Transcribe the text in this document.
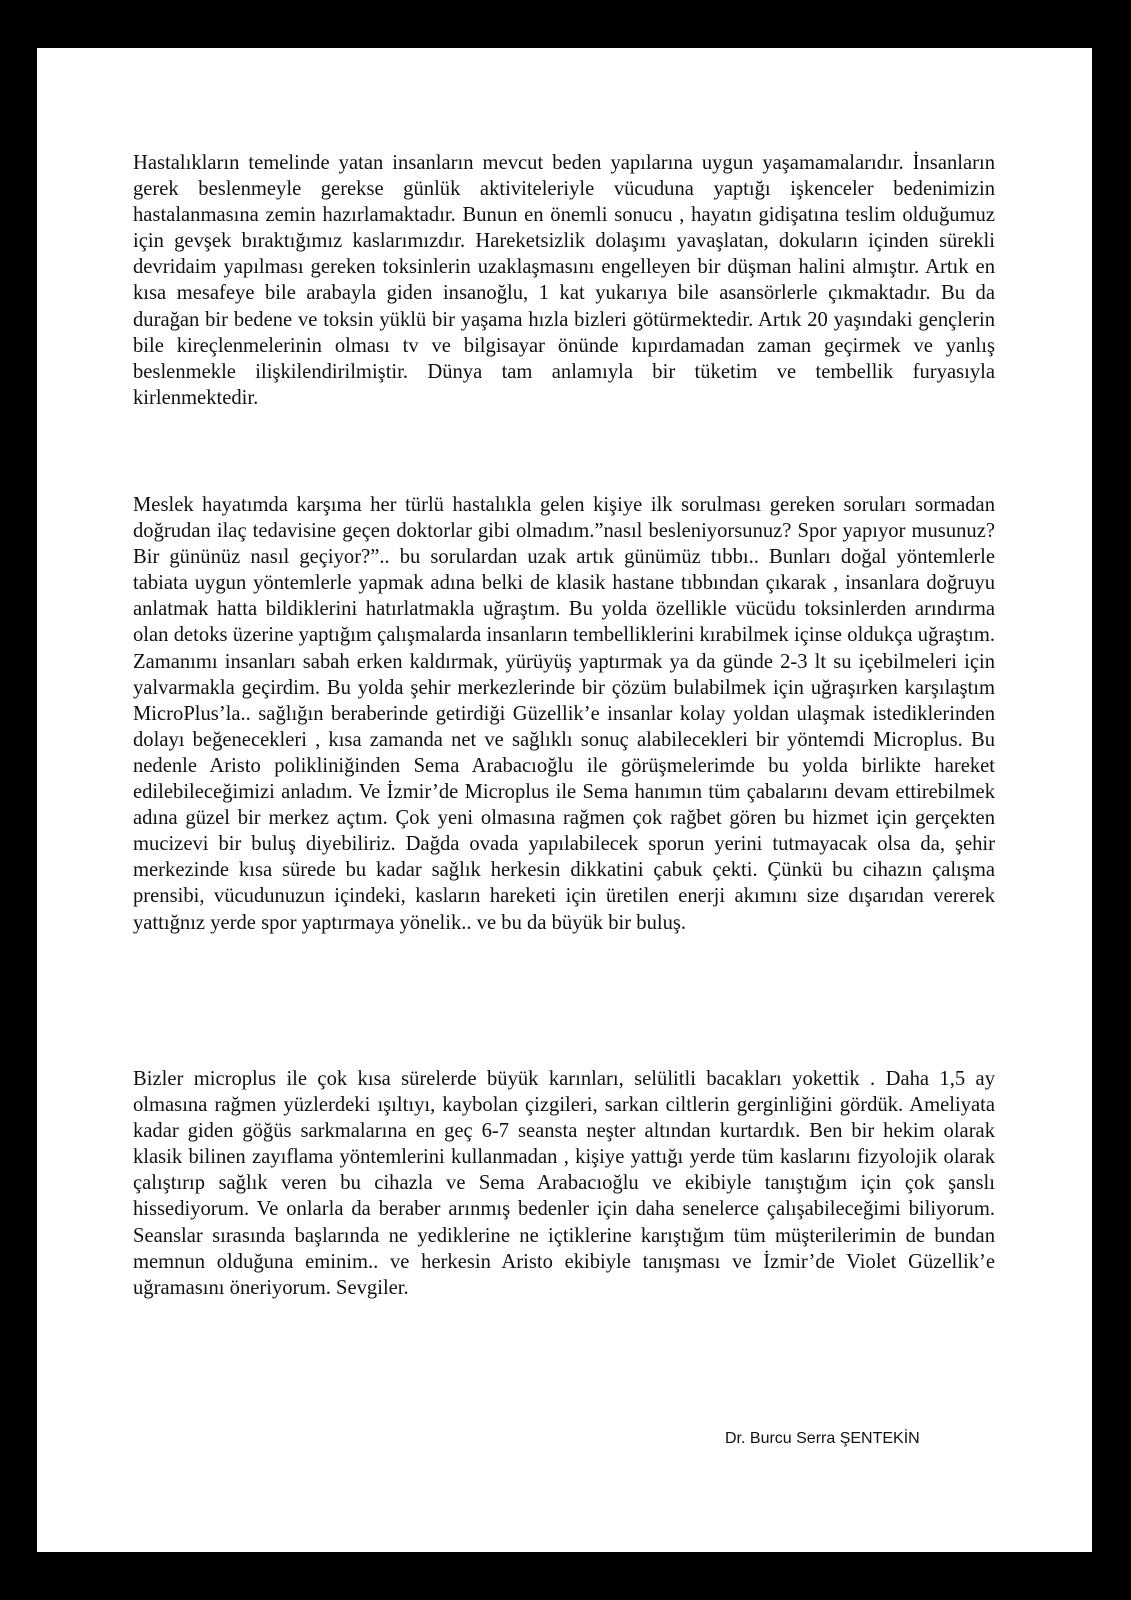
Hastalıkların temelinde yatan insanların mevcut beden yapılarına uygun yaşamamalarıdır. İnsanların gerek beslenmeyle gerekse günlük aktiviteleriyle vücuduna yaptığı işkenceler bedenimizin hastalanmasına zemin hazırlamaktadır. Bunun en önemli sonucu , hayatın gidişatına teslim olduğumuz için gevşek bıraktığımız kaslarımızdır. Hareketsizlik dolaşımı yavaşlatan, dokuların içinden sürekli devridaim yapılması gereken toksinlerin uzaklaşmasını engelleyen bir düşman halini almıştır. Artık en kısa mesafeye bile arabayla giden insanoğlu, 1 kat yukarıya bile asansörlerle çıkmaktadır. Bu da durağan bir bedene ve toksin yüklü bir yaşama hızla bizleri götürmektedir. Artık 20 yaşındaki gençlerin bile kireçlenmelerinin olması tv ve bilgisayar önünde kıpırdamadan zaman geçirmek ve yanlış beslenmekle ilişkilendirilmiştir. Dünya tam anlamıyla bir tüketim ve tembellik furyasıyla kirlenmektedir.

Meslek hayatımda karşıma her türlü hastalıkla gelen kişiye ilk sorulması gereken soruları sormadan doğrudan ilaç tedavisine geçen doktorlar gibi olmadım.”nasıl besleniyorsunuz? Spor yapıyor musunuz? Bir gününüz nasıl geçiyor?”.. bu sorulardan uzak artık günümüz tıbbı.. Bunları doğal yöntemlerle tabiata uygun yöntemlerle yapmak adına belki de klasik hastane tıbbından çıkarak , insanlara doğruyu anlatmak hatta bildiklerini hatırlatmakla uğraştım. Bu yolda özellikle vücüdu toksinlerden arındırma olan detoks üzerine yaptığım çalışmalarda insanların tembelliklerini kırabilmek içinse oldukça uğraştım. Zamanımı insanları sabah erken kaldırmak, yürüyüş yaptırmak ya da günde 2-3 lt su içebilmeleri için yalvarmakla geçirdim. Bu yolda şehir merkezlerinde bir çözüm bulabilmek için uğraşırken karşılaştım MicroPlus’la.. sağlığın beraberinde getirdiği Güzellik’e insanlar kolay yoldan ulaşmak istediklerinden dolayı beğenecekleri , kısa zamanda net ve sağlıklı sonuç alabilecekleri bir yöntemdi Microplus. Bu nedenle Aristo polikliniğinden Sema Arabacıoğlu ile görüşmelerimde bu yolda birlikte hareket edilebileceğimizi anladım. Ve İzmir’de Microplus ile Sema hanımın tüm çabalarını devam ettirebilmek adına güzel bir merkez açtım. Çok yeni olmasına rağmen çok rağbet gören bu hizmet için gerçekten mucizevi bir buluş diyebiliriz. Dağda ovada yapılabilecek sporun yerini tutmayacak olsa da, şehir merkezinde kısa sürede bu kadar sağlık herkesin dikkatini çabuk çekti. Çünkü bu cihazın çalışma prensibi, vücudunuzun içindeki, kasların hareketi için üretilen enerji akımını size dışarıdan vererek yattığnız yerde spor yaptırmaya yönelik.. ve bu da büyük bir buluş.

Bizler microplus ile çok kısa sürelerde büyük karınları, selülitli bacakları yokettik . Daha 1,5 ay olmasına rağmen yüzlerdeki ışıltıyı, kaybolan çizgileri, sarkan ciltlerin gerginliğini gördük. Ameliyata kadar giden göğüs sarkmalarına en geç 6-7 seansta neşter altından kurtardık. Ben bir hekim olarak klasik bilinen zayıflama yöntemlerini kullanmadan , kişiye yattığı yerde tüm kaslarını fizyolojik olarak çalıştırıp sağlık veren bu cihazla ve Sema Arabacıoğlu ve ekibiyle tanıştığım için çok şanslı hissediyorum. Ve onlarla da beraber arınmış bedenler için daha senelerce çalışabileceğimi biliyorum. Seanslar sırasında başlarında ne yediklerine ne içtiklerine karıştığım tüm müşterilerimin de bundan memnun olduğuna eminim.. ve herkesin Aristo ekibiyle tanışması ve İzmir’de Violet Güzellik’e uğramasını öneriyorum. Sevgiler.

Dr. Burcu Serra ŞENTEKİN
